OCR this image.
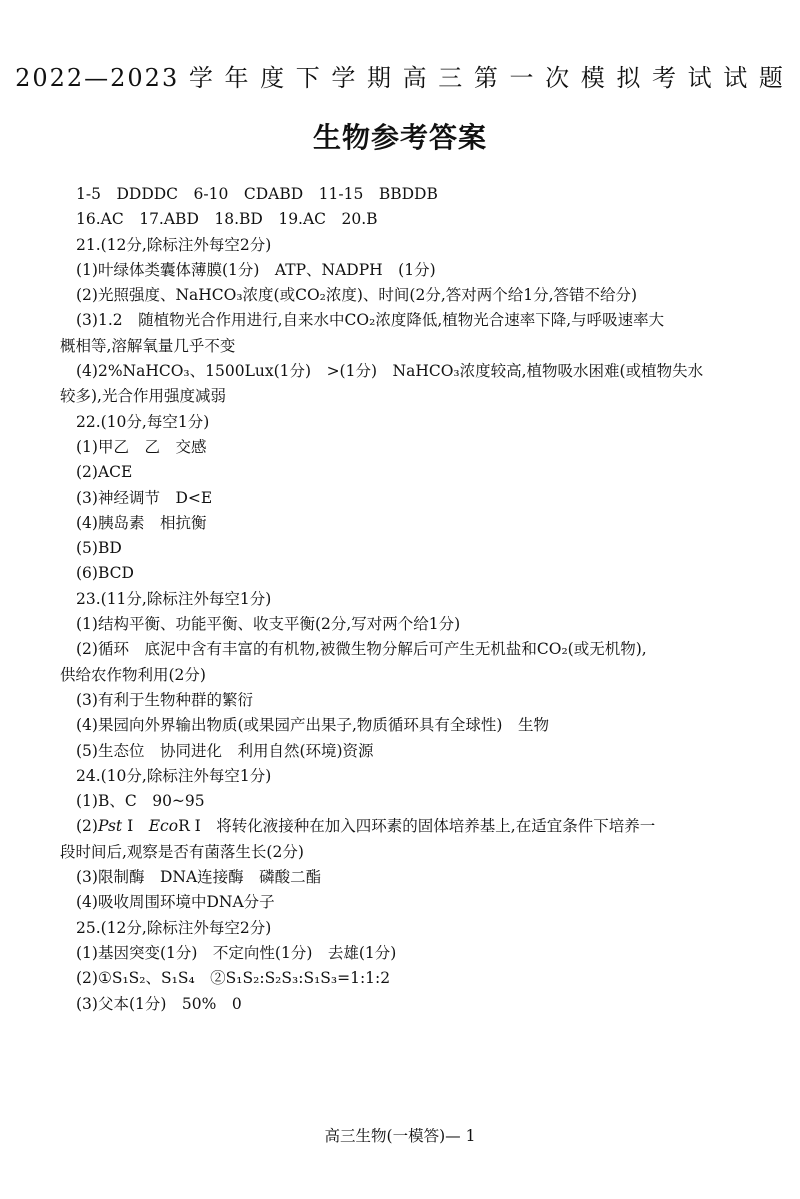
2022—2023 学 年 度 下 学 期 高 三 第 一 次 模 拟 考 试 试 题
生物参考答案
1-5　DDDDC　6-10　CDABD　11-15　BBDDB
16.AC　17.ABD　18.BD　19.AC　20.B
21.(12分,除标注外每空2分)
(1)叶绿体类囊体薄膜(1分)　ATP、NADPH　(1分)
(2)光照强度、NaHCO₃浓度(或CO₂浓度)、时间(2分,答对两个给1分,答错不给分)
(3)1.2　随植物光合作用进行,自来水中CO₂浓度降低,植物光合速率下降,与呼吸速率大
概相等,溶解氧量几乎不变
(4)2%NaHCO₃、1500Lux(1分)　>(1分)　NaHCO₃浓度较高,植物吸水困难(或植物失水
较多),光合作用强度减弱
22.(10分,每空1分)
(1)甲乙　乙　交感
(2)ACE
(3)神经调节　D<E
(4)胰岛素　相抗衡
(5)BD
(6)BCD
23.(11分,除标注外每空1分)
(1)结构平衡、功能平衡、收支平衡(2分,写对两个给1分)
(2)循环　底泥中含有丰富的有机物,被微生物分解后可产生无机盐和CO₂(或无机物),
供给农作物利用(2分)
(3)有利于生物种群的繁衍
(4)果园向外界输出物质(或果园产出果子,物质循环具有全球性)　生物
(5)生态位　协同进化　利用自然(环境)资源
24.(10分,除标注外每空1分)
(1)B、C　90~95
(2)Pst Ⅰ　EcoR Ⅰ　将转化液接种在加入四环素的固体培养基上,在适宜条件下培养一
段时间后,观察是否有菌落生长(2分)
(3)限制酶　DNA连接酶　磷酸二酯
(4)吸收周围环境中DNA分子
25.(12分,除标注外每空2分)
(1)基因突变(1分)　不定向性(1分)　去雄(1分)
(2)①S₁S₂、S₁S₄　②S₁S₂:S₂S₃:S₁S₃=1:1:2
(3)父本(1分)　50%　0
高三生物(一模答)— 1
